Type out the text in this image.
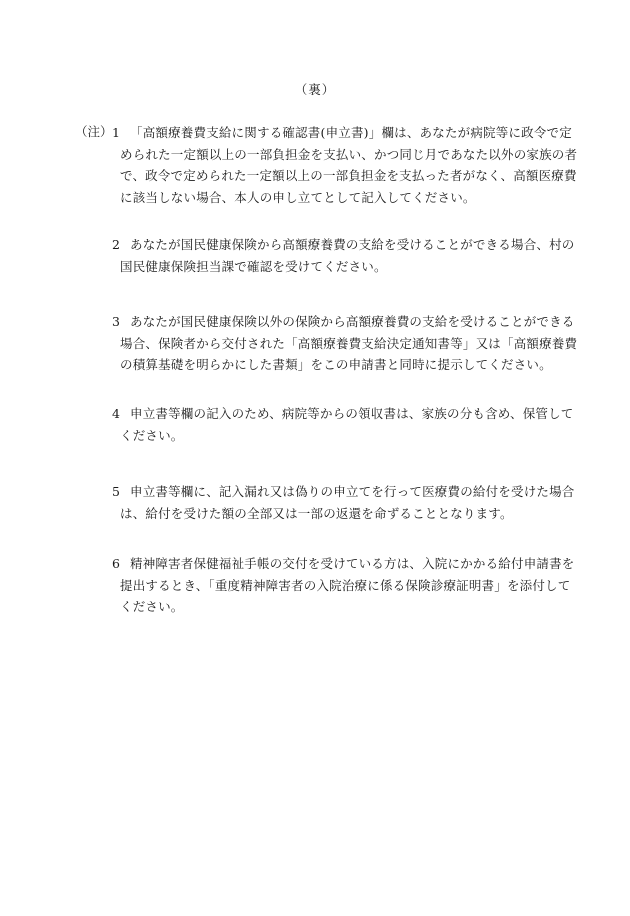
（裏）
（注） 1 「高額療養費支給に関する確認書(申立書)」欄は、あなたが病院等に政令で定
められた一定額以上の一部負担金を支払い、かつ同じ月であなた以外の家族の者
で、政令で定められた一定額以上の一部負担金を支払った者がなく、高額医療費
に該当しない場合、本人の申し立てとして記入してください。
2 あなたが国民健康保険から高額療養費の支給を受けることができる場合、村の
国民健康保険担当課で確認を受けてください。
3 あなたが国民健康保険以外の保険から高額療養費の支給を受けることができる
場合、保険者から交付された「高額療養費支給決定通知書等」又は「高額療養費
の積算基礎を明らかにした書類」をこの申請書と同時に提示してください。
4 申立書等欄の記入のため、病院等からの領収書は、家族の分も含め、保管して
ください。
5 申立書等欄に、記入漏れ又は偽りの申立てを行って医療費の給付を受けた場合
は、給付を受けた額の全部又は一部の返還を命ずることとなります。
6 精神障害者保健福祉手帳の交付を受けている方は、入院にかかる給付申請書を
提出するとき、「重度精神障害者の入院治療に係る保険診療証明書」を添付して
ください。
